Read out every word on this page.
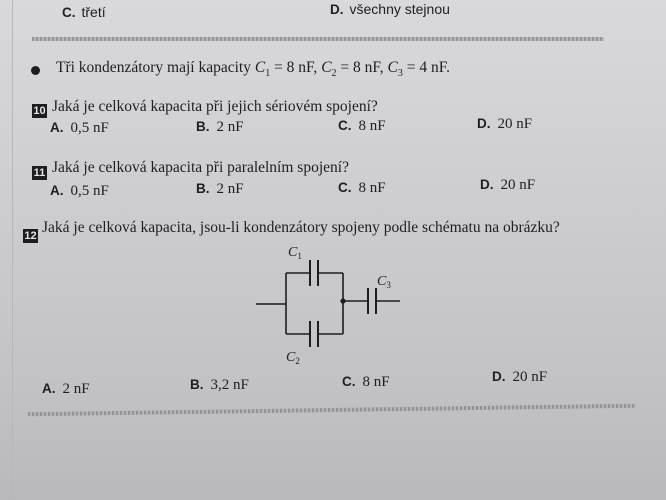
C. třetí	D. všechny stejnou
Tři kondenzátory mají kapacity $C_1 = 8$ nF, $C_2 = 8$ nF, $C_3 = 4$ nF.
10 Jaká je celková kapacita při jejich sériovém spojení?
A. 0,5 nF	B. 2 nF	C. 8 nF	D. 20 nF
11 Jaká je celková kapacita při paralelním spojení?
A. 0,5 nF	B. 2 nF	C. 8 nF	D. 20 nF
12 Jaká je celková kapacita, jsou-li kondenzátory spojeny podle schématu na obrázku?
$C_1$
$C_3$
$C_2$
A. 2 nF	B. 3,2 nF	C. 8 nF	D. 20 nF
